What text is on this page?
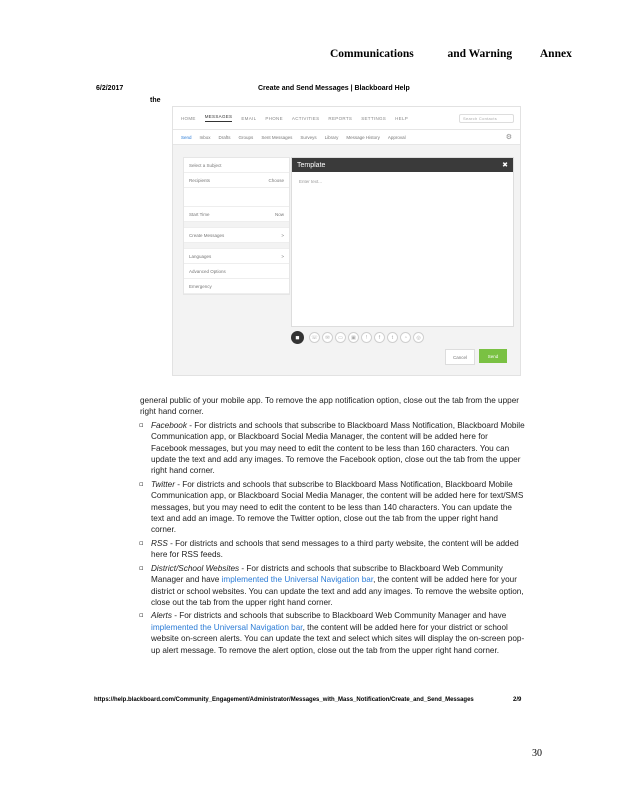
Communications	and Warning Annex
6/2/2017	Create and Send Messages | Blackboard Help
the
HOME MESSAGES EMAIL PHONE ACTIVITIES REPORTS SETTINGS HELP	Search Contacts
Send Inbox Drafts Groups Sent Messages Surveys Library Message History Approval	⚙
Select a Subject
Recipients	Choose
Start Time	Now
Create Messages	>
Languages	>
Advanced Options
Emergency
Template	✖
Enter text...
◼	☏	✉	▭	▣	!	f	t	◔	◎
Cancel	Send

general public of your mobile app. To remove the app notification option, close out the tab from the upper right hand corner.

▫ Facebook - For districts and schools that subscribe to Blackboard Mass Notification, Blackboard Mobile Communication app, or Blackboard Social Media Manager, the content will be added here for Facebook messages, but you may need to edit the content to be less than 160 characters. You can update the text and add any images. To remove the Facebook option, close out the tab from the upper right hand corner.
▫ Twitter - For districts and schools that subscribe to Blackboard Mass Notification, Blackboard Mobile Communication app, or Blackboard Social Media Manager, the content will be added here for text/SMS messages, but you may need to edit the content to be less than 140 characters. You can update the text and add an image. To remove the Twitter option, close out the tab from the upper right hand corner.
▫ RSS - For districts and schools that send messages to a third party website, the content will be added here for RSS feeds.
▫ District/School Websites - For districts and schools that subscribe to Blackboard Web Community Manager and have implemented the Universal Navigation bar, the content will be added here for your district or school websites. You can update the text and add any images. To remove the website option, close out the tab from the upper right hand corner.
▫ Alerts - For districts and schools that subscribe to Blackboard Web Community Manager and have implemented the Universal Navigation bar, the content will be added here for your district or school website on-screen alerts. You can update the text and select which sites will display the on-screen pop-up alert message. To remove the alert option, close out the tab from the upper right hand corner.
https://help.blackboard.com/Community_Engagement/Administrator/Messages_with_Mass_Notification/Create_and_Send_Messages	2/9
30
